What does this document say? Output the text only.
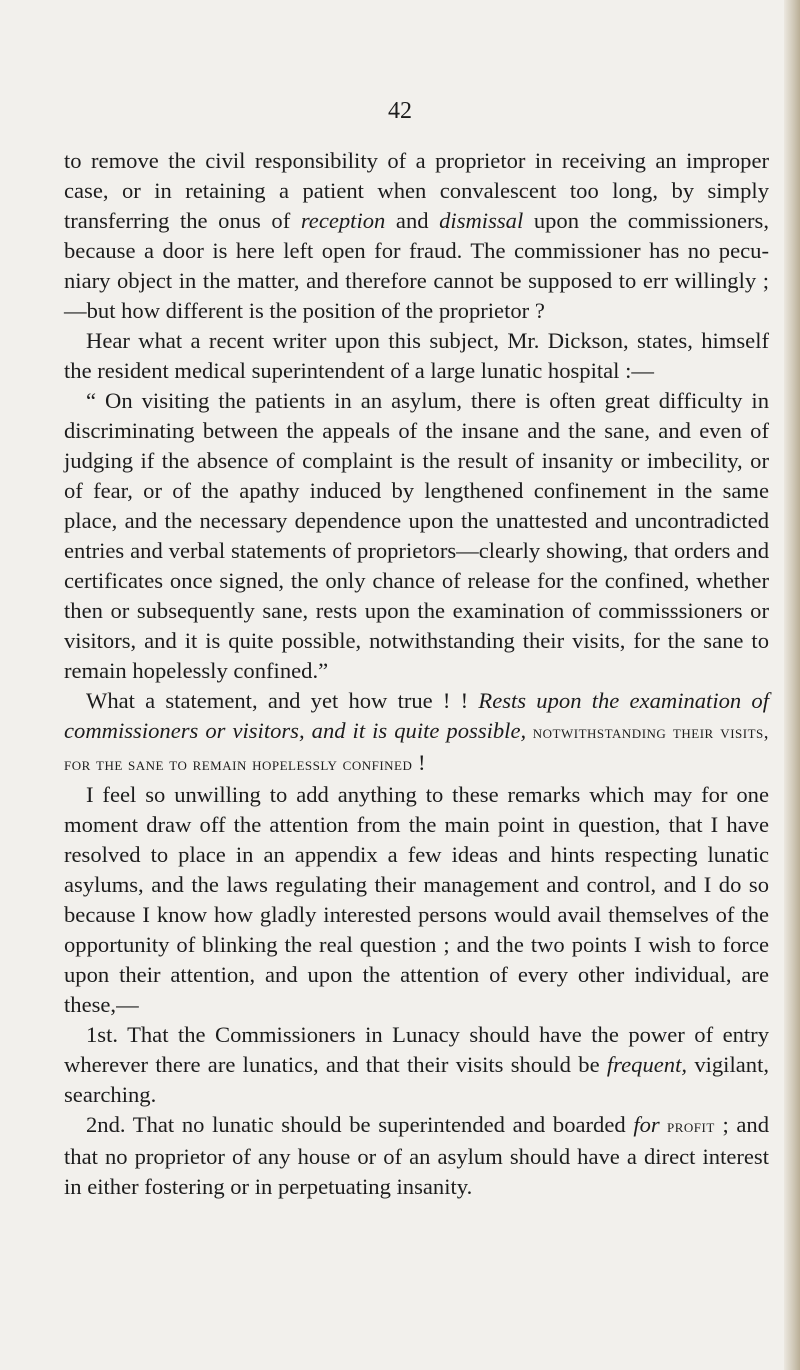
42

to remove the civil responsibility of a proprietor in receiving an improper case, or in retaining a patient when convalescent too long, by simply transferring the onus of reception and dismissal upon the commissioners, because a door is here left open for fraud. The commissioner has no pecuniary object in the matter, and therefore cannot be supposed to err willingly ;—but how different is the position of the proprietor ?

Hear what a recent writer upon this subject, Mr. Dickson, states, himself the resident medical superintendent of a large lunatic hospital :—

“ On visiting the patients in an asylum, there is often great difficulty in discriminating between the appeals of the insane and the sane, and even of judging if the absence of complaint is the result of insanity or imbecility, or of fear, or of the apathy induced by lengthened confinement in the same place, and the necessary dependence upon the unattested and uncontradicted entries and verbal statements of proprietors—clearly showing, that orders and certificates once signed, the only chance of release for the confined, whether then or subsequently sane, rests upon the examination of commisssioners or visitors, and it is quite possible, notwithstanding their visits, for the sane to remain hopelessly confined.”

What a statement, and yet how true ! ! Rests upon the examination of commissioners or visitors, and it is quite possible, notwithstanding their visits, for the sane to remain hopelessly confined !

I feel so unwilling to add anything to these remarks which may for one moment draw off the attention from the main point in question, that I have resolved to place in an appendix a few ideas and hints respecting lunatic asylums, and the laws regulating their management and control, and I do so because I know how gladly interested persons would avail themselves of the opportunity of blinking the real question ; and the two points I wish to force upon their attention, and upon the attention of every other individual, are these,—

1st. That the Commissioners in Lunacy should have the power of entry wherever there are lunatics, and that their visits should be frequent, vigilant, searching.

2nd. That no lunatic should be superintended and boarded for profit ; and that no proprietor of any house or of an asylum should have a direct interest in either fostering or in perpetuating insanity.
